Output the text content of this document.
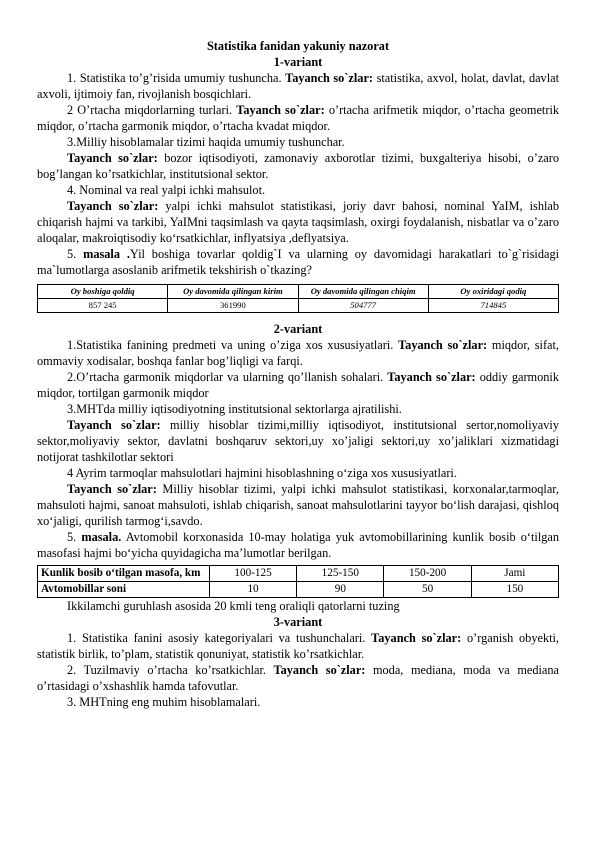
Statistika fanidan yakuniy nazorat
1-variant

1. Statistika to’g’risida umumiy tushuncha. Tayanch so`zlar: statistika, axvol, holat, davlat, davlat axvoli, ijtimoiy fan, rivojlanish bosqichlari.

2 O’rtacha miqdorlarning turlari. Tayanch so`zlar: o’rtacha arifmetik miqdor, o’rtacha geometrik miqdor, o’rtacha garmonik miqdor, o’rtacha kvadat miqdor.

3.Milliy hisoblamalar tizimi haqida umumiy tushunchar.

Tayanch so`zlar: bozor iqtisodiyoti, zamonaviy axborotlar tizimi, buxgalteriya hisobi, o’zaro bog’langan ko’rsatkichlar, institutsional sektor.

4. Nominal va real yalpi ichki mahsulot.

Tayanch so`zlar: yalpi ichki mahsulot statistikasi, joriy davr bahosi, nominal YaIM, ishlab chiqarish hajmi va tarkibi, YaIMni taqsimlash va qayta taqsimlash, oxirgi foydalanish, nisbatlar va o’zaro aloqalar, makroiqtisodiy ko‘rsatkichlar, inflyatsiya ,deflyatsiya.

5. masala .Yil boshiga tovarlar qoldig`I va ularning oy davomidagi harakatlari to`g`risidagi ma`lumotlarga asoslanib arifmetik tekshirish o`tkazing?

Oy boshiga qoldiq	Oy davomida qilingan kirim	Oy davomida qilingan chiqim	Oy oxiridagi qodiq
857 245	361990	504777	714845
2-variant

1.Statistika fanining predmeti va uning o’ziga xos xususiyatlari. Tayanch so`zlar: miqdor, sifat, ommaviy xodisalar, boshqa fanlar bog’liqligi va farqi.

2.O’rtacha garmonik miqdorlar va ularning qo’llanish sohalari. Tayanch so`zlar: oddiy garmonik miqdor, tortilgan garmonik miqdor

3.MHTda milliy iqtisodiyotning institutsional sektorlarga ajratilishi.

Tayanch so`zlar: milliy hisoblar tizimi,milliy iqtisodiyot, institutsional sertor,nomoliyaviy sektor,moliyaviy sektor, davlatni boshqaruv sektori,uy xo’jaligi sektori,uy xo’jaliklari xizmatidagi notijorat tashkilotlar sektori

4 Ayrim tarmoqlar mahsulotlari hajmini hisoblashning o‘ziga xos xususiyatlari.

Tayanch so`zlar: Milliy hisoblar tizimi, yalpi ichki mahsulot statistikasi, korxonalar,tarmoqlar, mahsuloti hajmi, sanoat mahsuloti, ishlab chiqarish, sanoat mahsulotlarini tayyor bo‘lish darajasi, qishloq xo‘jaligi, qurilish tarmog‘i,savdo.

5. masala. Avtomobil korxonasida 10-may holatiga yuk avtomobillarining kunlik bosib o‘tilgan masofasi hajmi bo‘yicha quyidagicha ma’lumotlar berilgan.

Kunlik bosib o‘tilgan masofa, km	100-125	125-150	150-200	Jami
Avtomobillar soni	10	90	50	150

Ikkilamchi guruhlash asosida 20 kmli teng oraliqli qatorlarni tuzing

3-variant

1. Statistika fanini asosiy kategoriyalari va tushunchalari. Tayanch so`zlar: o’rganish obyekti, statistik birlik, to’plam, statistik qonuniyat, statistik ko’rsatkichlar.

2. Tuzilmaviy o’rtacha ko’rsatkichlar. Tayanch so`zlar: moda, mediana, moda va mediana o’rtasidagi o’xshashlik hamda tafovutlar.

3. MHTning eng muhim hisoblamalari.
